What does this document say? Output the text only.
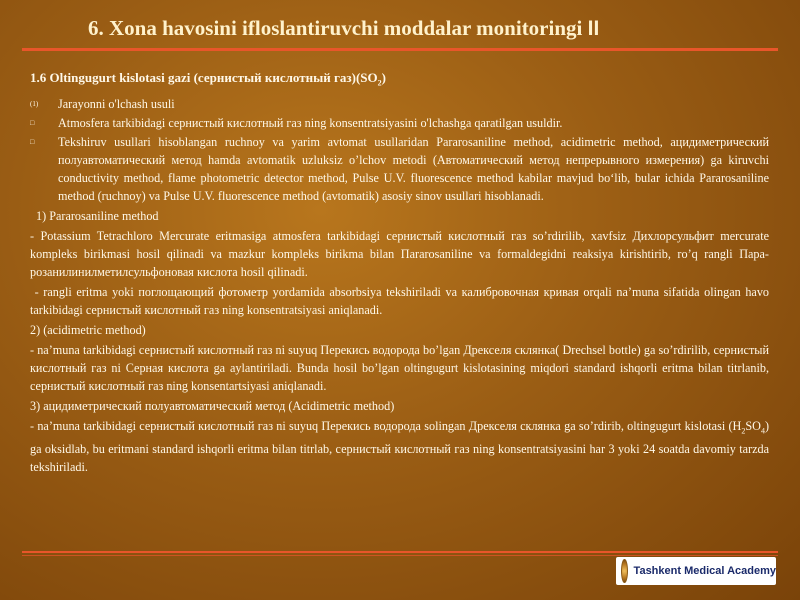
6. Xona havosini ifloslantiruvchi moddalar monitoringi II
1.6 Oltingugurt kislotasi gazi (сернистый кислотный $газ)(SO_2)$
(1) Jarayonni o'lchash usuli
□ Atmosfera tarkibidagi сернистый кислотный газ ning konsentratsiyasini o'lchashga qaratilgan usuldir.
□ Tekshiruv usullari hisoblangan ruchnoy va yarim avtomat usullaridan Pararosaniline method, acidimetric method, ацидиметрический полуавтоматический метод hamda avtomatik uzluksiz o’lchov metodi (Автоматический метод непрерывного измерения) ga kiruvchi conductivity method, flame photometric detector method, Pulse U.V. fluorescence method kabilar mavjud bo‘lib, bular ichida Pararosaniline method (ruchnoy) va Pulse U.V. fluorescence method (avtomatik) asosiy sinov usullari hisoblanadi.
1) Pararosaniline method
- Potassium Tetrachloro Mercurate eritmasiga atmosfera tarkibidagi сернистый кислотный газ so’rdirilib, xavfsiz Дихлорсульфит mercurate kompleks birikmasi hosil qilinadi va mazkur kompleks birikma bilan Пararosaniline va formaldegidni reaksiya kirishtirib, ro’q rangli Пара-розанилинилметилсульфоновая кислота hosil qilinadi.
- rangli eritma yoki поглощающий фотометр yordamida absorbsiya tekshiriladi va калибровочная кривая orqali na’muna sifatida olingan havo tarkibidagi сернистый кислотный газ ning konsentratsiyasi aniqlanadi.
2) (acidimetric method)
- na’muna tarkibidagi сернистый кислотный газ ni suyuq Перекись водорода bo’lgan Дрекселя склянка( Drechsel bottle) ga so’rdirilib, сернистый кислотный газ ni Серная кислота ga aylantiriladi. Bunda hosil bo’lgan oltingugurt kislotasining miqdori standard ishqorli eritma bilan titrlanib, сернистый кислотный газ ning konsentartsiyasi aniqlanadi.
3) ацидиметрический полуавтоматический метод (Acidimetric method)
- na’muna tarkibidagi сернистый кислотный газ ni suyuq Перекись водорода solingan Дрекселя склянка ga so’rdirib, oltingugurt kislotasi $(H_2SO_4)$ ga oksidlab, bu eritmani standard ishqorli eritma bilan titrlab, сернистый кислотный газ ning konsentratsiyasini har 3 yoki 24 soatda davomiy tarzda tekshiriladi.
Tashkent Medical Academy
